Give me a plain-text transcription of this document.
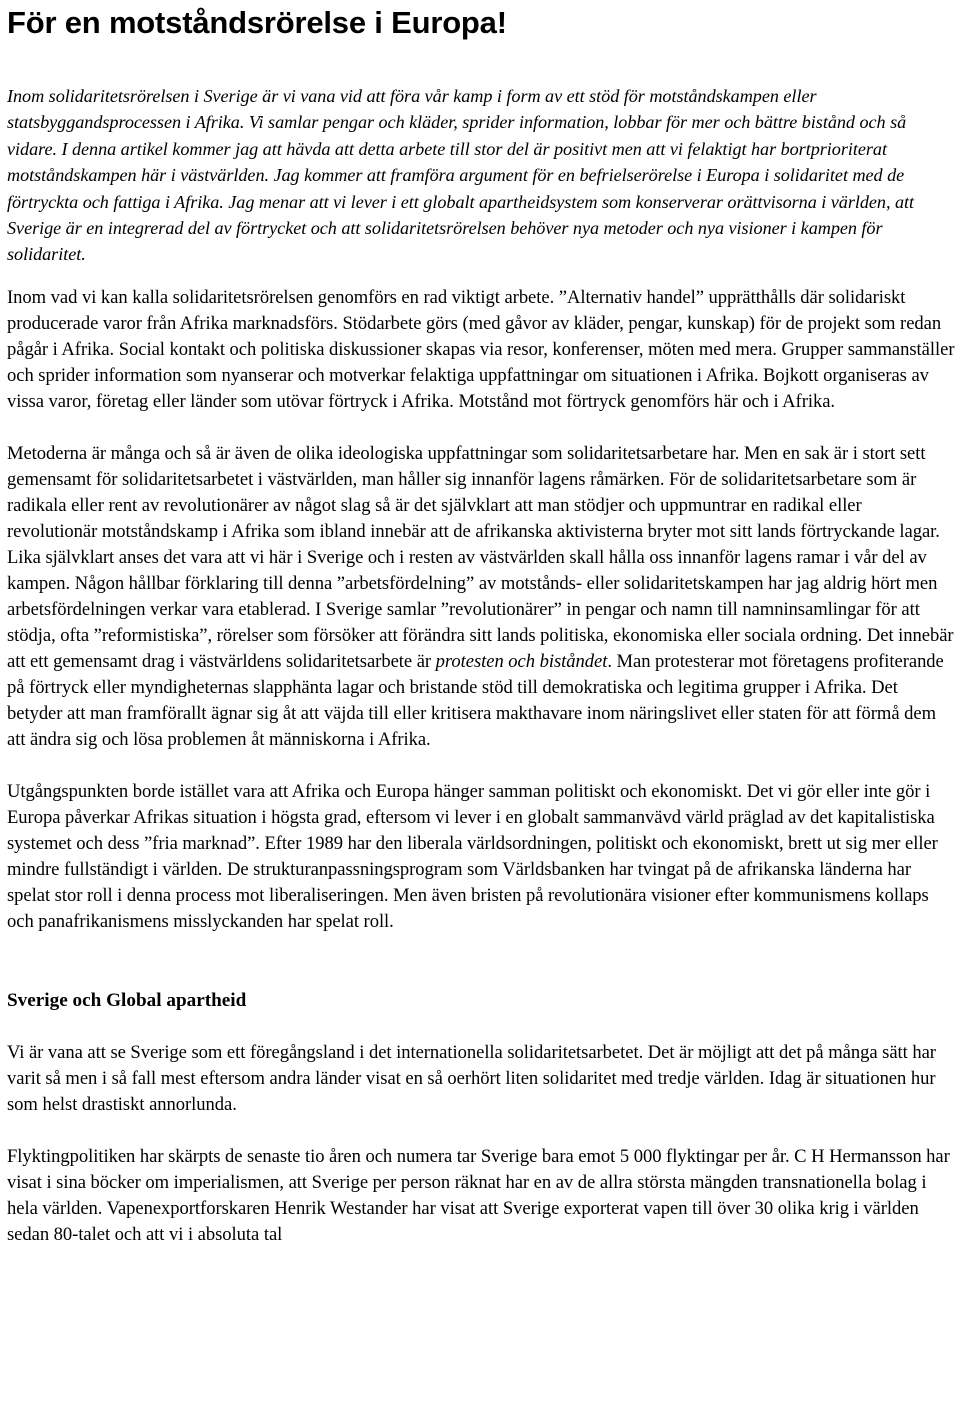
För en motståndsrörelse i Europa!

Inom solidaritetsrörelsen i Sverige är vi vana vid att föra vår kamp i form av ett stöd för motståndskampen eller statsbyggandsprocessen i Afrika. Vi samlar pengar och kläder, sprider information, lobbar för mer och bättre bistånd och så vidare. I denna artikel kommer jag att hävda att detta arbete till stor del är positivt men att vi felaktigt har bortprioriterat motståndskampen här i västvärlden. Jag kommer att framföra argument för en befrielserörelse i Europa i solidaritet med de förtryckta och fattiga i Afrika. Jag menar att vi lever i ett globalt apartheidsystem som konserverar orättvisorna i världen, att Sverige är en integrerad del av förtrycket och att solidaritetsrörelsen behöver nya metoder och nya visioner i kampen för solidaritet.

Inom vad vi kan kalla solidaritetsrörelsen genomförs en rad viktigt arbete. ”Alternativ handel” upprätthålls där solidariskt producerade varor från Afrika marknadsförs. Stödarbete görs (med gåvor av kläder, pengar, kunskap) för de projekt som redan pågår i Afrika. Social kontakt och politiska diskussioner skapas via resor, konferenser, möten med mera. Grupper sammanställer och sprider information som nyanserar och motverkar felaktiga uppfattningar om situationen i Afrika. Bojkott organiseras av vissa varor, företag eller länder som utövar förtryck i Afrika. Motstånd mot förtryck genomförs här och i Afrika.

Metoderna är många och så är även de olika ideologiska uppfattningar som solidaritetsarbetare har. Men en sak är i stort sett gemensamt för solidaritetsarbetet i västvärlden, man håller sig innanför lagens råmärken. För de solidaritetsarbetare som är radikala eller rent av revolutionärer av något slag så är det självklart att man stödjer och uppmuntrar en radikal eller revolutionär motståndskamp i Afrika som ibland innebär att de afrikanska aktivisterna bryter mot sitt lands förtryckande lagar. Lika självklart anses det vara att vi här i Sverige och i resten av västvärlden skall hålla oss innanför lagens ramar i vår del av kampen. Någon hållbar förklaring till denna ”arbetsfördelning” av motstånds- eller solidaritetskampen har jag aldrig hört men arbetsfördelningen verkar vara etablerad. I Sverige samlar ”revolutionärer” in pengar och namn till namninsamlingar för att stödja, ofta ”reformistiska”, rörelser som försöker att förändra sitt lands politiska, ekonomiska eller sociala ordning. Det innebär att ett gemensamt drag i västvärldens solidaritetsarbete är protesten och biståndet. Man protesterar mot företagens profiterande på förtryck eller myndigheternas slapphänta lagar och bristande stöd till demokratiska och legitima grupper i Afrika. Det betyder att man framförallt ägnar sig åt att väjda till eller kritisera makthavare inom näringslivet eller staten för att förmå dem att ändra sig och lösa problemen åt människorna i Afrika.

Utgångspunkten borde istället vara att Afrika och Europa hänger samman politiskt och ekonomiskt. Det vi gör eller inte gör i Europa påverkar Afrikas situation i högsta grad, eftersom vi lever i en globalt sammanvävd värld präglad av det kapitalistiska systemet och dess ”fria marknad”. Efter 1989 har den liberala världsordningen, politiskt och ekonomiskt, brett ut sig mer eller mindre fullständigt i världen. De strukturanpassningsprogram som Världsbanken har tvingat på de afrikanska länderna har spelat stor roll i denna process mot liberaliseringen. Men även bristen på revolutionära visioner efter kommunismens kollaps och panafrikanismens misslyckanden har spelat roll.

Sverige och Global apartheid

Vi är vana att se Sverige som ett föregångsland i det internationella solidaritetsarbetet. Det är möjligt att det på många sätt har varit så men i så fall mest eftersom andra länder visat en så oerhört liten solidaritet med tredje världen. Idag är situationen hur som helst drastiskt annorlunda.

Flyktingpolitiken har skärpts de senaste tio åren och numera tar Sverige bara emot 5 000 flyktingar per år. C H Hermansson har visat i sina böcker om imperialismen, att Sverige per person räknat har en av de allra största mängden transnationella bolag i hela världen. Vapenexportforskaren Henrik Westander har visat att Sverige exporterat vapen till över 30 olika krig i världen sedan 80-talet och att vi i absoluta tal
